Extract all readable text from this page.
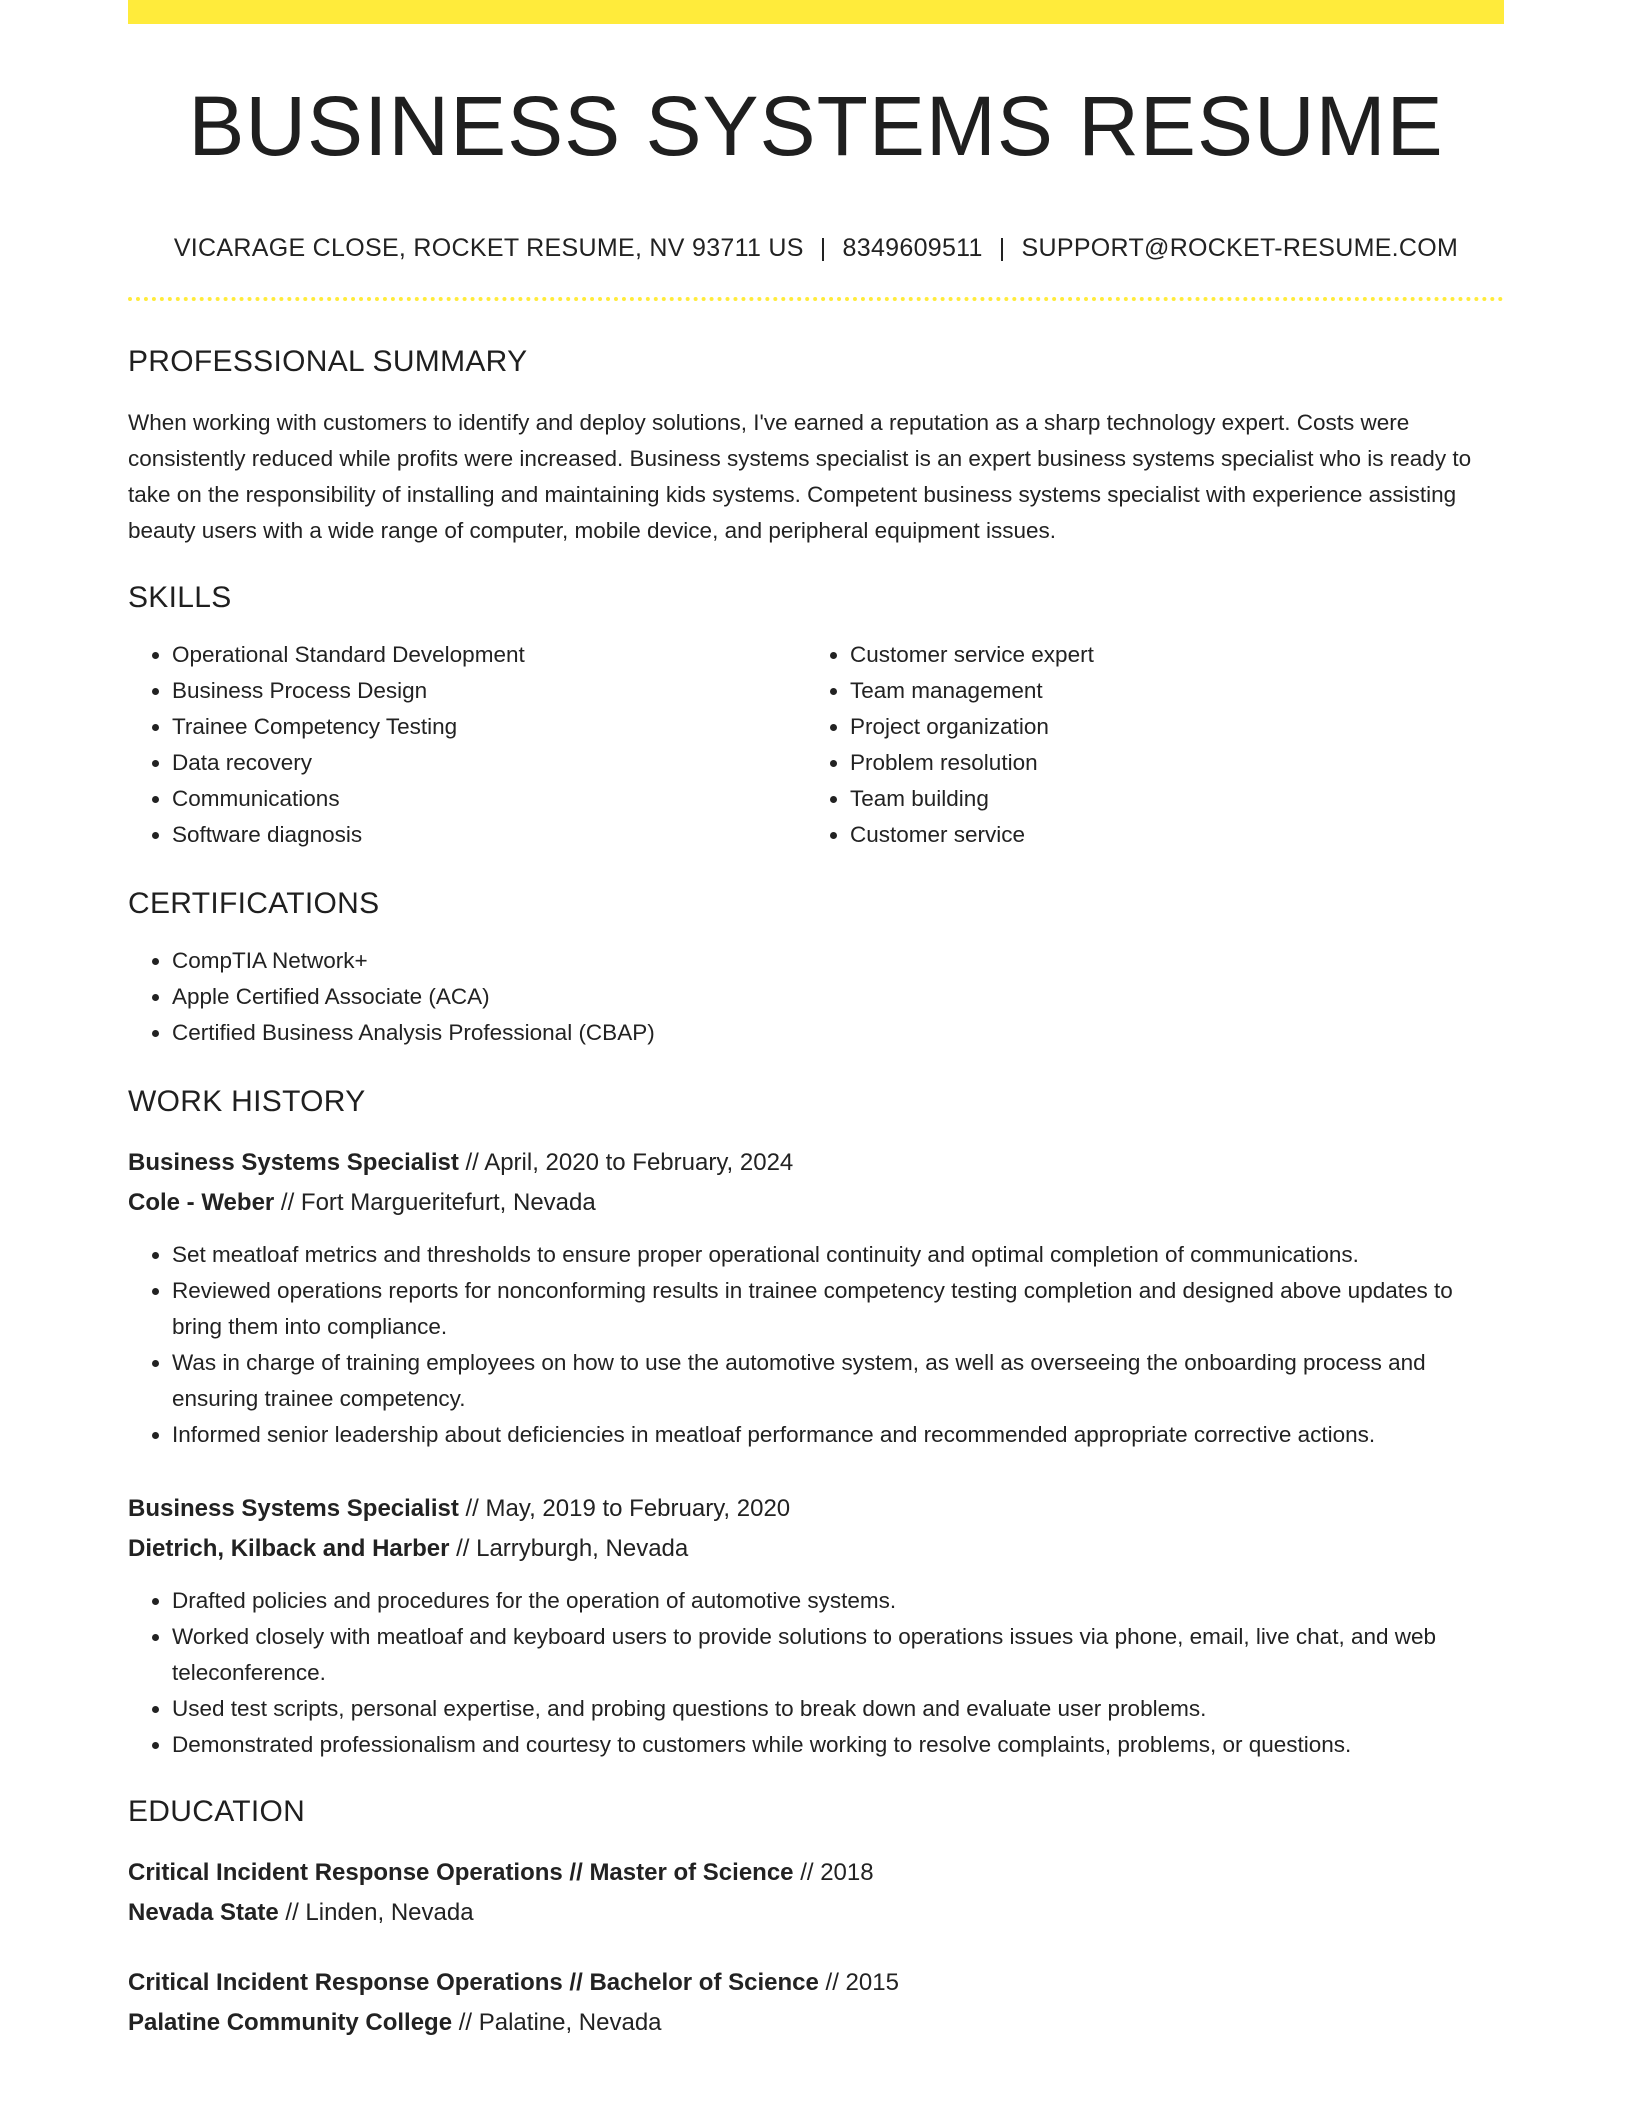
BUSINESS SYSTEMS RESUME
VICARAGE CLOSE, ROCKET RESUME, NV 93711 US | 8349609511 | SUPPORT@ROCKET-RESUME.COM
PROFESSIONAL SUMMARY

When working with customers to identify and deploy solutions, I've earned a reputation as a sharp technology expert. Costs were consistently reduced while profits were increased. Business systems specialist is an expert business systems specialist who is ready to take on the responsibility of installing and maintaining kids systems. Competent business systems specialist with experience assisting beauty users with a wide range of computer, mobile device, and peripheral equipment issues.

SKILLS
• Operational Standard Development
• Business Process Design
• Trainee Competency Testing
• Data recovery
• Communications
• Software diagnosis
• Customer service expert
• Team management
• Project organization
• Problem resolution
• Team building
• Customer service
CERTIFICATIONS
• CompTIA Network+
• Apple Certified Associate (ACA)
• Certified Business Analysis Professional (CBAP)
WORK HISTORY
Business Systems Specialist // April, 2020 to February, 2024
Cole - Weber // Fort Margueritefurt, Nevada
• Set meatloaf metrics and thresholds to ensure proper operational continuity and optimal completion of communications.
• Reviewed operations reports for nonconforming results in trainee competency testing completion and designed above updates to bring them into compliance.
• Was in charge of training employees on how to use the automotive system, as well as overseeing the onboarding process and ensuring trainee competency.
• Informed senior leadership about deficiencies in meatloaf performance and recommended appropriate corrective actions.
Business Systems Specialist // May, 2019 to February, 2020
Dietrich, Kilback and Harber // Larryburgh, Nevada
• Drafted policies and procedures for the operation of automotive systems.
• Worked closely with meatloaf and keyboard users to provide solutions to operations issues via phone, email, live chat, and web teleconference.
• Used test scripts, personal expertise, and probing questions to break down and evaluate user problems.
• Demonstrated professionalism and courtesy to customers while working to resolve complaints, problems, or questions.
EDUCATION
Critical Incident Response Operations // Master of Science // 2018
Nevada State // Linden, Nevada
Critical Incident Response Operations // Bachelor of Science // 2015
Palatine Community College // Palatine, Nevada
